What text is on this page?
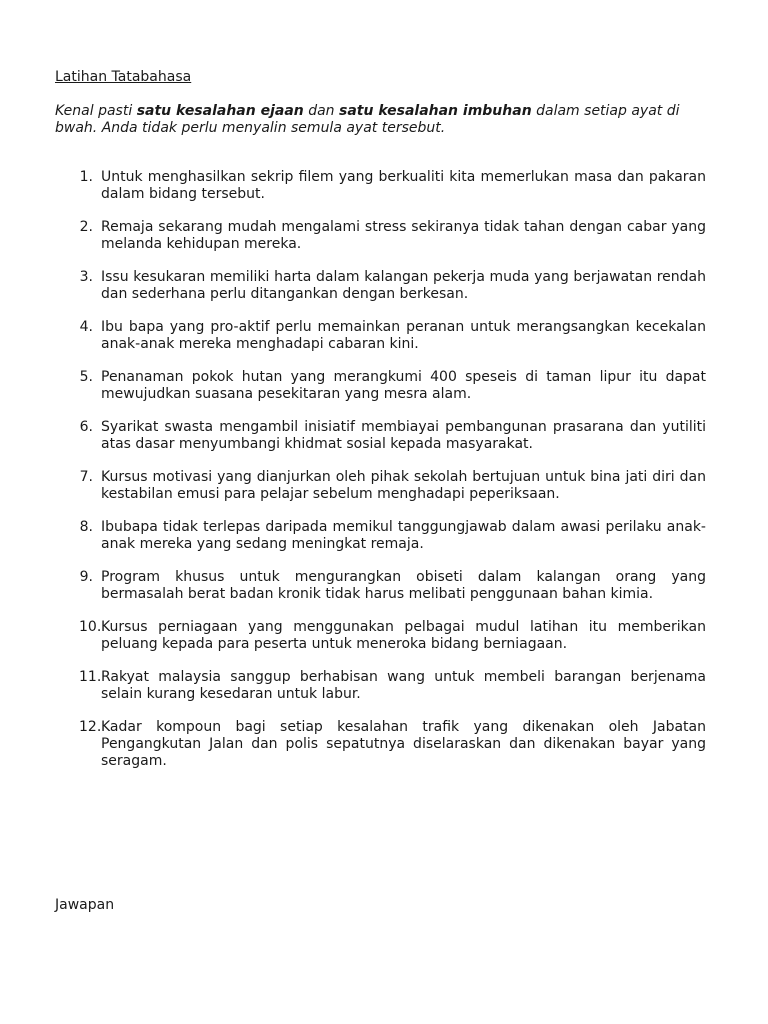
Latihan Tatabahasa

Kenal pasti satu kesalahan ejaan dan satu kesalahan imbuhan dalam setiap ayat di bwah. Anda tidak perlu menyalin semula ayat tersebut.

1. Untuk menghasilkan sekrip filem yang berkualiti kita memerlukan masa dan pakaran dalam bidang tersebut.
2. Remaja sekarang mudah mengalami stress sekiranya tidak tahan dengan cabar yang melanda kehidupan mereka.
3. Issu kesukaran memiliki harta dalam kalangan pekerja muda yang berjawatan rendah dan sederhana perlu ditangankan dengan berkesan.
4. Ibu bapa yang pro-aktif perlu memainkan peranan untuk merangsangkan kecekalan anak-anak mereka menghadapi cabaran kini.
5. Penanaman pokok hutan yang merangkumi 400 speseis di taman lipur itu dapat mewujudkan suasana pesekitaran yang mesra alam.
6. Syarikat swasta mengambil inisiatif membiayai pembangunan prasarana dan yutiliti atas dasar menyumbangi khidmat sosial kepada masyarakat.
7. Kursus motivasi yang dianjurkan oleh pihak sekolah bertujuan untuk bina jati diri dan kestabilan emusi para pelajar sebelum menghadapi peperiksaan.
8. Ibubapa tidak terlepas daripada memikul tanggungjawab dalam awasi perilaku anak-anak mereka yang sedang meningkat remaja.
9. Program khusus untuk mengurangkan obiseti dalam kalangan orang yang bermasalah berat badan kronik tidak harus melibati penggunaan bahan kimia.
10. Kursus perniagaan yang menggunakan pelbagai mudul latihan itu memberikan peluang kepada para peserta untuk meneroka bidang berniagaan.
11. Rakyat malaysia sanggup berhabisan wang untuk membeli barangan berjenama selain kurang kesedaran untuk labur.
12. Kadar kompoun bagi setiap kesalahan trafik yang dikenakan oleh Jabatan Pengangkutan Jalan dan polis sepatutnya diselaraskan dan dikenakan bayar yang seragam.

Jawapan
